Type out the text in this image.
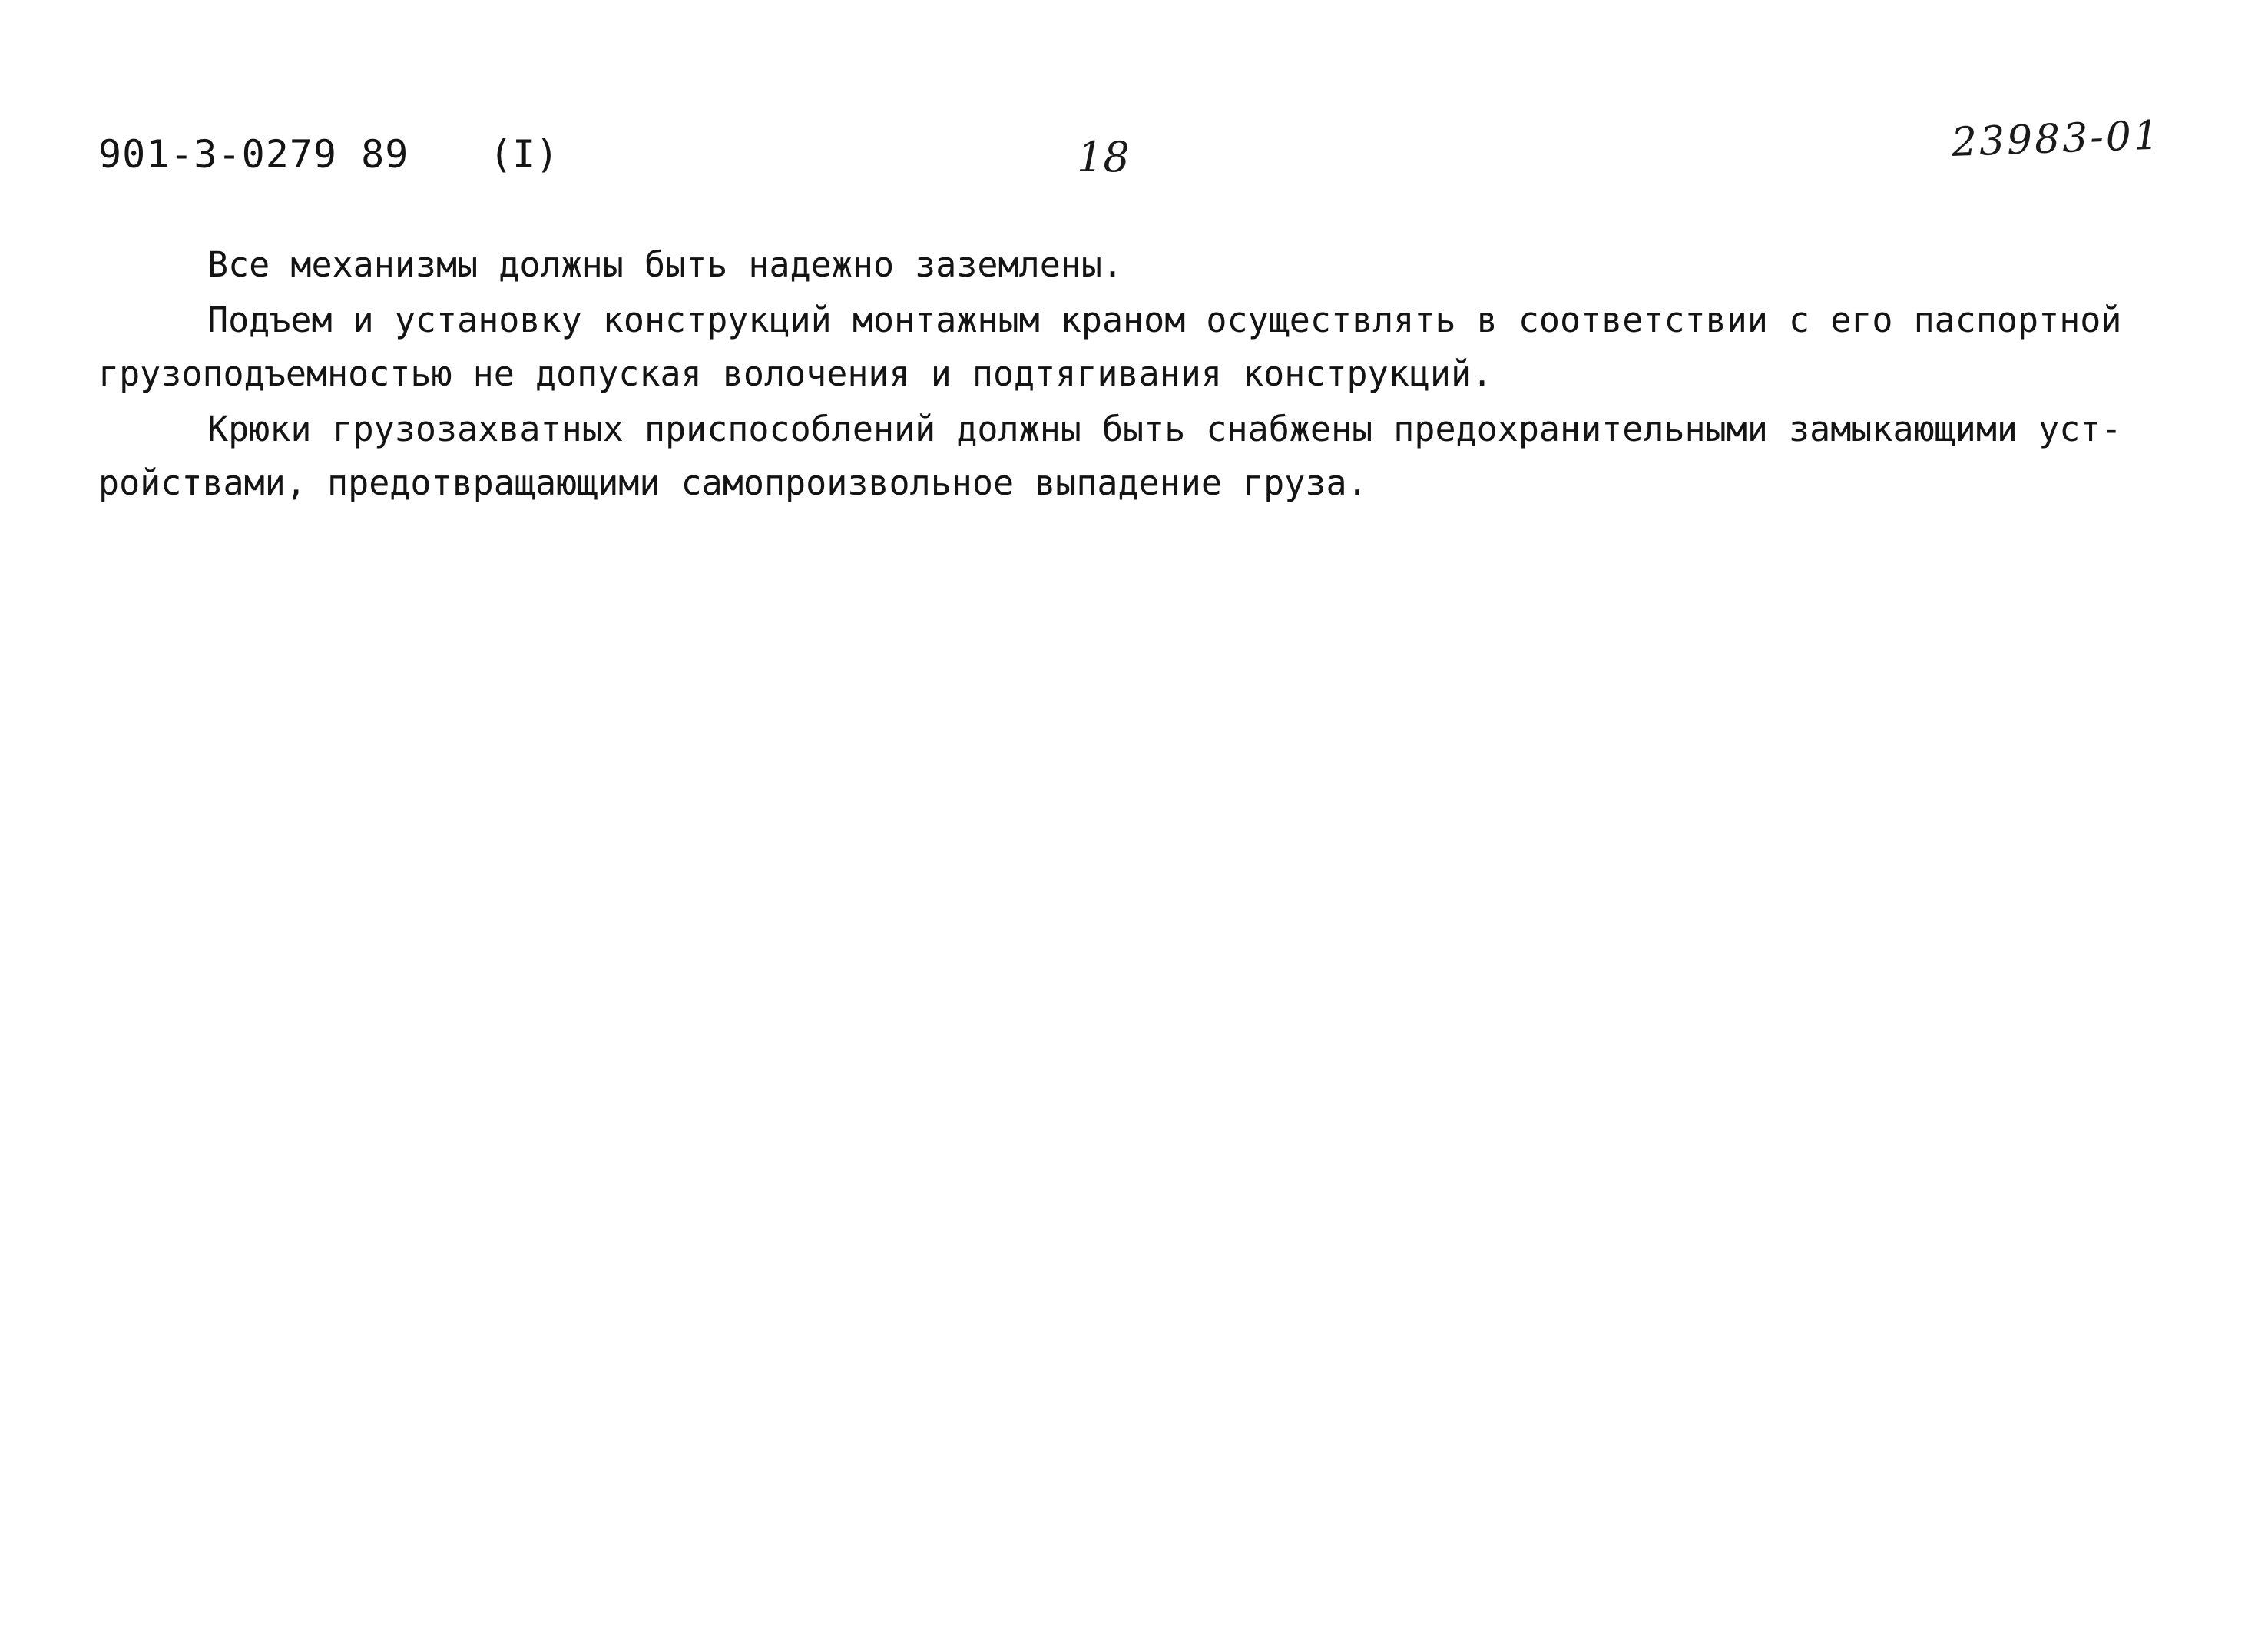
901-3-0279 89 (I)	18	23983-01
Все механизмы должны быть надежно заземлены.
Подъем и установку конструкций монтажным краном осуществлять в соответствии с его паспортной
грузоподъемностью не допуская волочения и подтягивания конструкций.
Крюки грузозахватных приспособлений должны быть снабжены предохранительными замыкающими уст-
ройствами, предотвращающими самопроизвольное выпадение груза.
